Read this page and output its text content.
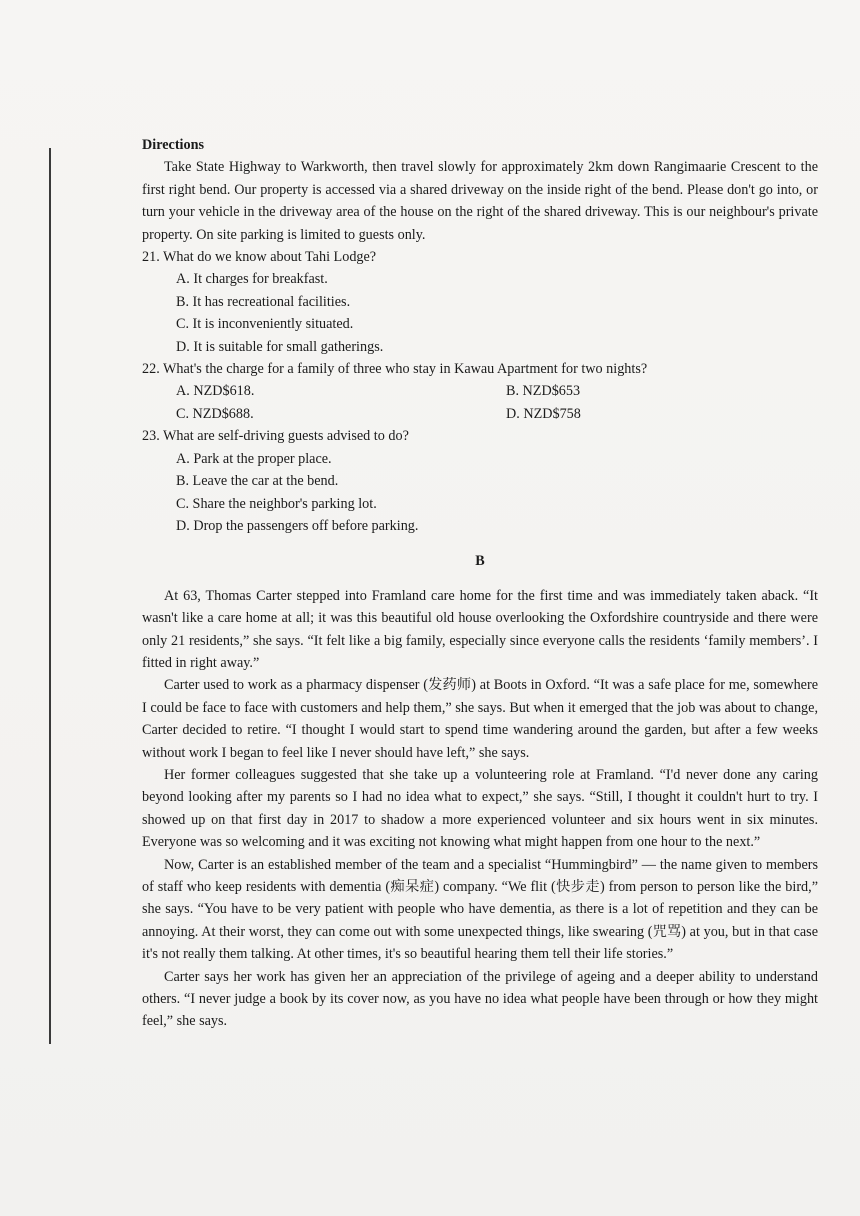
Directions

Take State Highway to Warkworth, then travel slowly for approximately 2km down Rangimaarie Crescent to the first right bend. Our property is accessed via a shared driveway on the inside right of the bend. Please don't go into, or turn your vehicle in the driveway area of the house on the right of the shared driveway. This is our neighbour's private property. On site parking is limited to guests only.

21. What do we know about Tahi Lodge?

A. It charges for breakfast.

B. It has recreational facilities.

C. It is inconveniently situated.

D. It is suitable for small gatherings.

22. What's the charge for a family of three who stay in Kawau Apartment for two nights?

A. NZD$618.	B. NZD$653
C. NZD$688.	D. NZD$758

23. What are self-driving guests advised to do?

A. Park at the proper place.

B. Leave the car at the bend.

C. Share the neighbor's parking lot.

D. Drop the passengers off before parking.

B

At 63, Thomas Carter stepped into Framland care home for the first time and was immediately taken aback. “It wasn't like a care home at all; it was this beautiful old house overlooking the Oxfordshire countryside and there were only 21 residents,” she says. “It felt like a big family, especially since everyone calls the residents ‘family members’. I fitted in right away.”

Carter used to work as a pharmacy dispenser (发药师) at Boots in Oxford. “It was a safe place for me, somewhere I could be face to face with customers and help them,” she says. But when it emerged that the job was about to change, Carter decided to retire. “I thought I would start to spend time wandering around the garden, but after a few weeks without work I began to feel like I never should have left,” she says.

Her former colleagues suggested that she take up a volunteering role at Framland. “I'd never done any caring beyond looking after my parents so I had no idea what to expect,” she says. “Still, I thought it couldn't hurt to try. I showed up on that first day in 2017 to shadow a more experienced volunteer and six hours went in six minutes. Everyone was so welcoming and it was exciting not knowing what might happen from one hour to the next.”

Now, Carter is an established member of the team and a specialist “Hummingbird” — the name given to members of staff who keep residents with dementia (痴呆症) company. “We flit (快步走) from person to person like the bird,” she says. “You have to be very patient with people who have dementia, as there is a lot of repetition and they can be annoying. At their worst, they can come out with some unexpected things, like swearing (咒骂) at you, but in that case it's not really them talking. At other times, it's so beautiful hearing them tell their life stories.”

Carter says her work has given her an appreciation of the privilege of ageing and a deeper ability to understand others. “I never judge a book by its cover now, as you have no idea what people have been through or how they might feel,” she says.
